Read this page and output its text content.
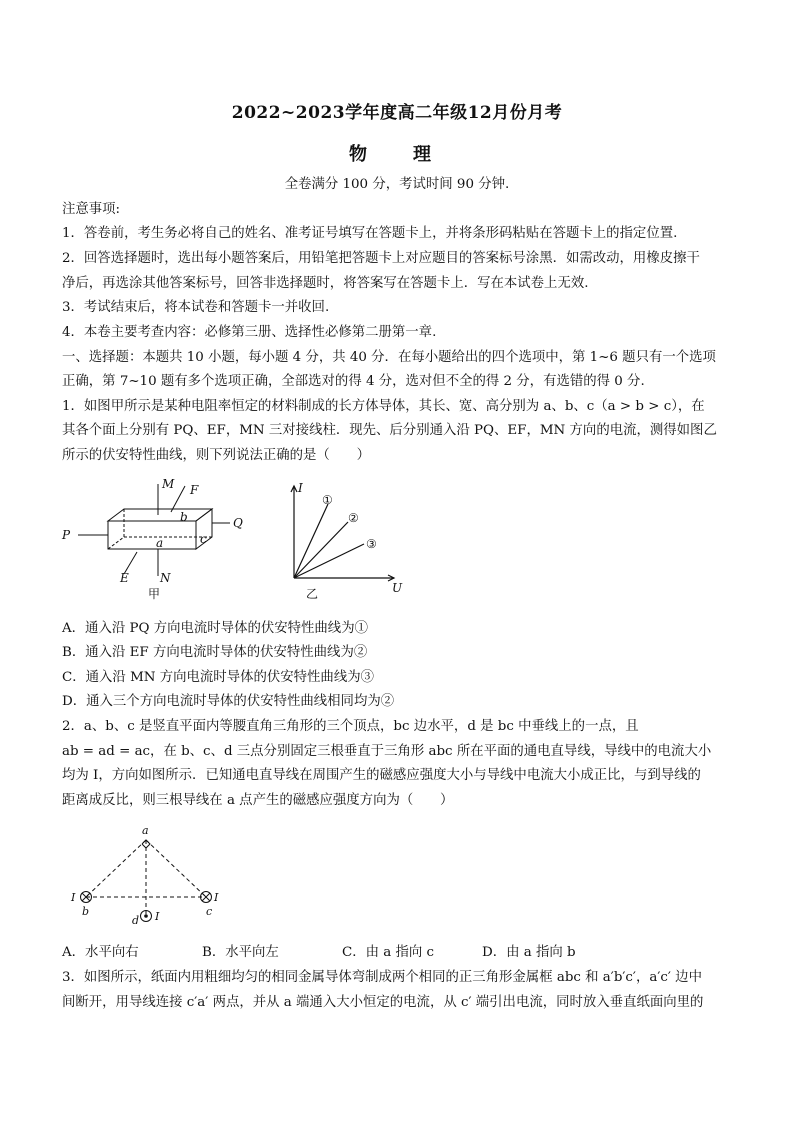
2022~2023学年度高二年级12月份月考
物　理
全卷满分 100 分，考试时间 90 分钟.
注意事项:
1．答卷前，考生务必将自己的姓名、准考证号填写在答题卡上，并将条形码粘贴在答题卡上的指定位置.
2．回答选择题时，选出每小题答案后，用铅笔把答题卡上对应题目的答案标号涂黑．如需改动，用橡皮擦干
净后，再选涂其他答案标号，回答非选择题时，将答案写在答题卡上．写在本试卷上无效.
3．考试结束后，将本试卷和答题卡一并收回.
4．本卷主要考查内容：必修第三册、选择性必修第二册第一章.
一、选择题：本题共 10 小题，每小题 4 分，共 40 分．在每小题给出的四个选项中，第 1~6 题只有一个选项
正确，第 7~10 题有多个选项正确，全部选对的得 4 分，选对但不全的得 2 分，有选错的得 0 分.
1．如图甲所示是某种电阻率恒定的材料制成的长方体导体，其长、宽、高分别为 a、b、c（a > b > c），在
其各个面上分别有 PQ、EF，MN 三对接线柱．现先、后分别通入沿 PQ、EF，MN 方向的电流，测得如图乙
所示的伏安特性曲线，则下列说法正确的是（　　）
M F
P
Q
E	N
a
b
c
甲
I
U
①
②
③
乙
A．通入沿 PQ 方向电流时导体的伏安特性曲线为①
B．通入沿 EF 方向电流时导体的伏安特性曲线为②
C．通入沿 MN 方向电流时导体的伏安特性曲线为③
D．通入三个方向电流时导体的伏安特性曲线相同均为②
2．a、b、c 是竖直平面内等腰直角三角形的三个顶点，bc 边水平，d 是 bc 中垂线上的一点，且
ab = ad = ac，在 b、c、d 三点分别固定三根垂直于三角形 abc 所在平面的通电直导线，导线中的电流大小
均为 I，方向如图所示．已知通电直导线在周围产生的磁感应强度大小与导线中电流大小成正比，与到导线的
距离成反比，则三根导线在 a 点产生的磁感应强度方向为（　　）
a
b	c
d
I	I
I
A．水平向右	B．水平向左	C．由 a 指向 c	D．由 a 指向 b
3．如图所示，纸面内用粗细均匀的相同金属导体弯制成两个相同的正三角形金属框 abc 和 a′b′c′，a′c′ 边中
间断开，用导线连接 c′a′ 两点，并从 a 端通入大小恒定的电流，从 c′ 端引出电流，同时放入垂直纸面向里的
